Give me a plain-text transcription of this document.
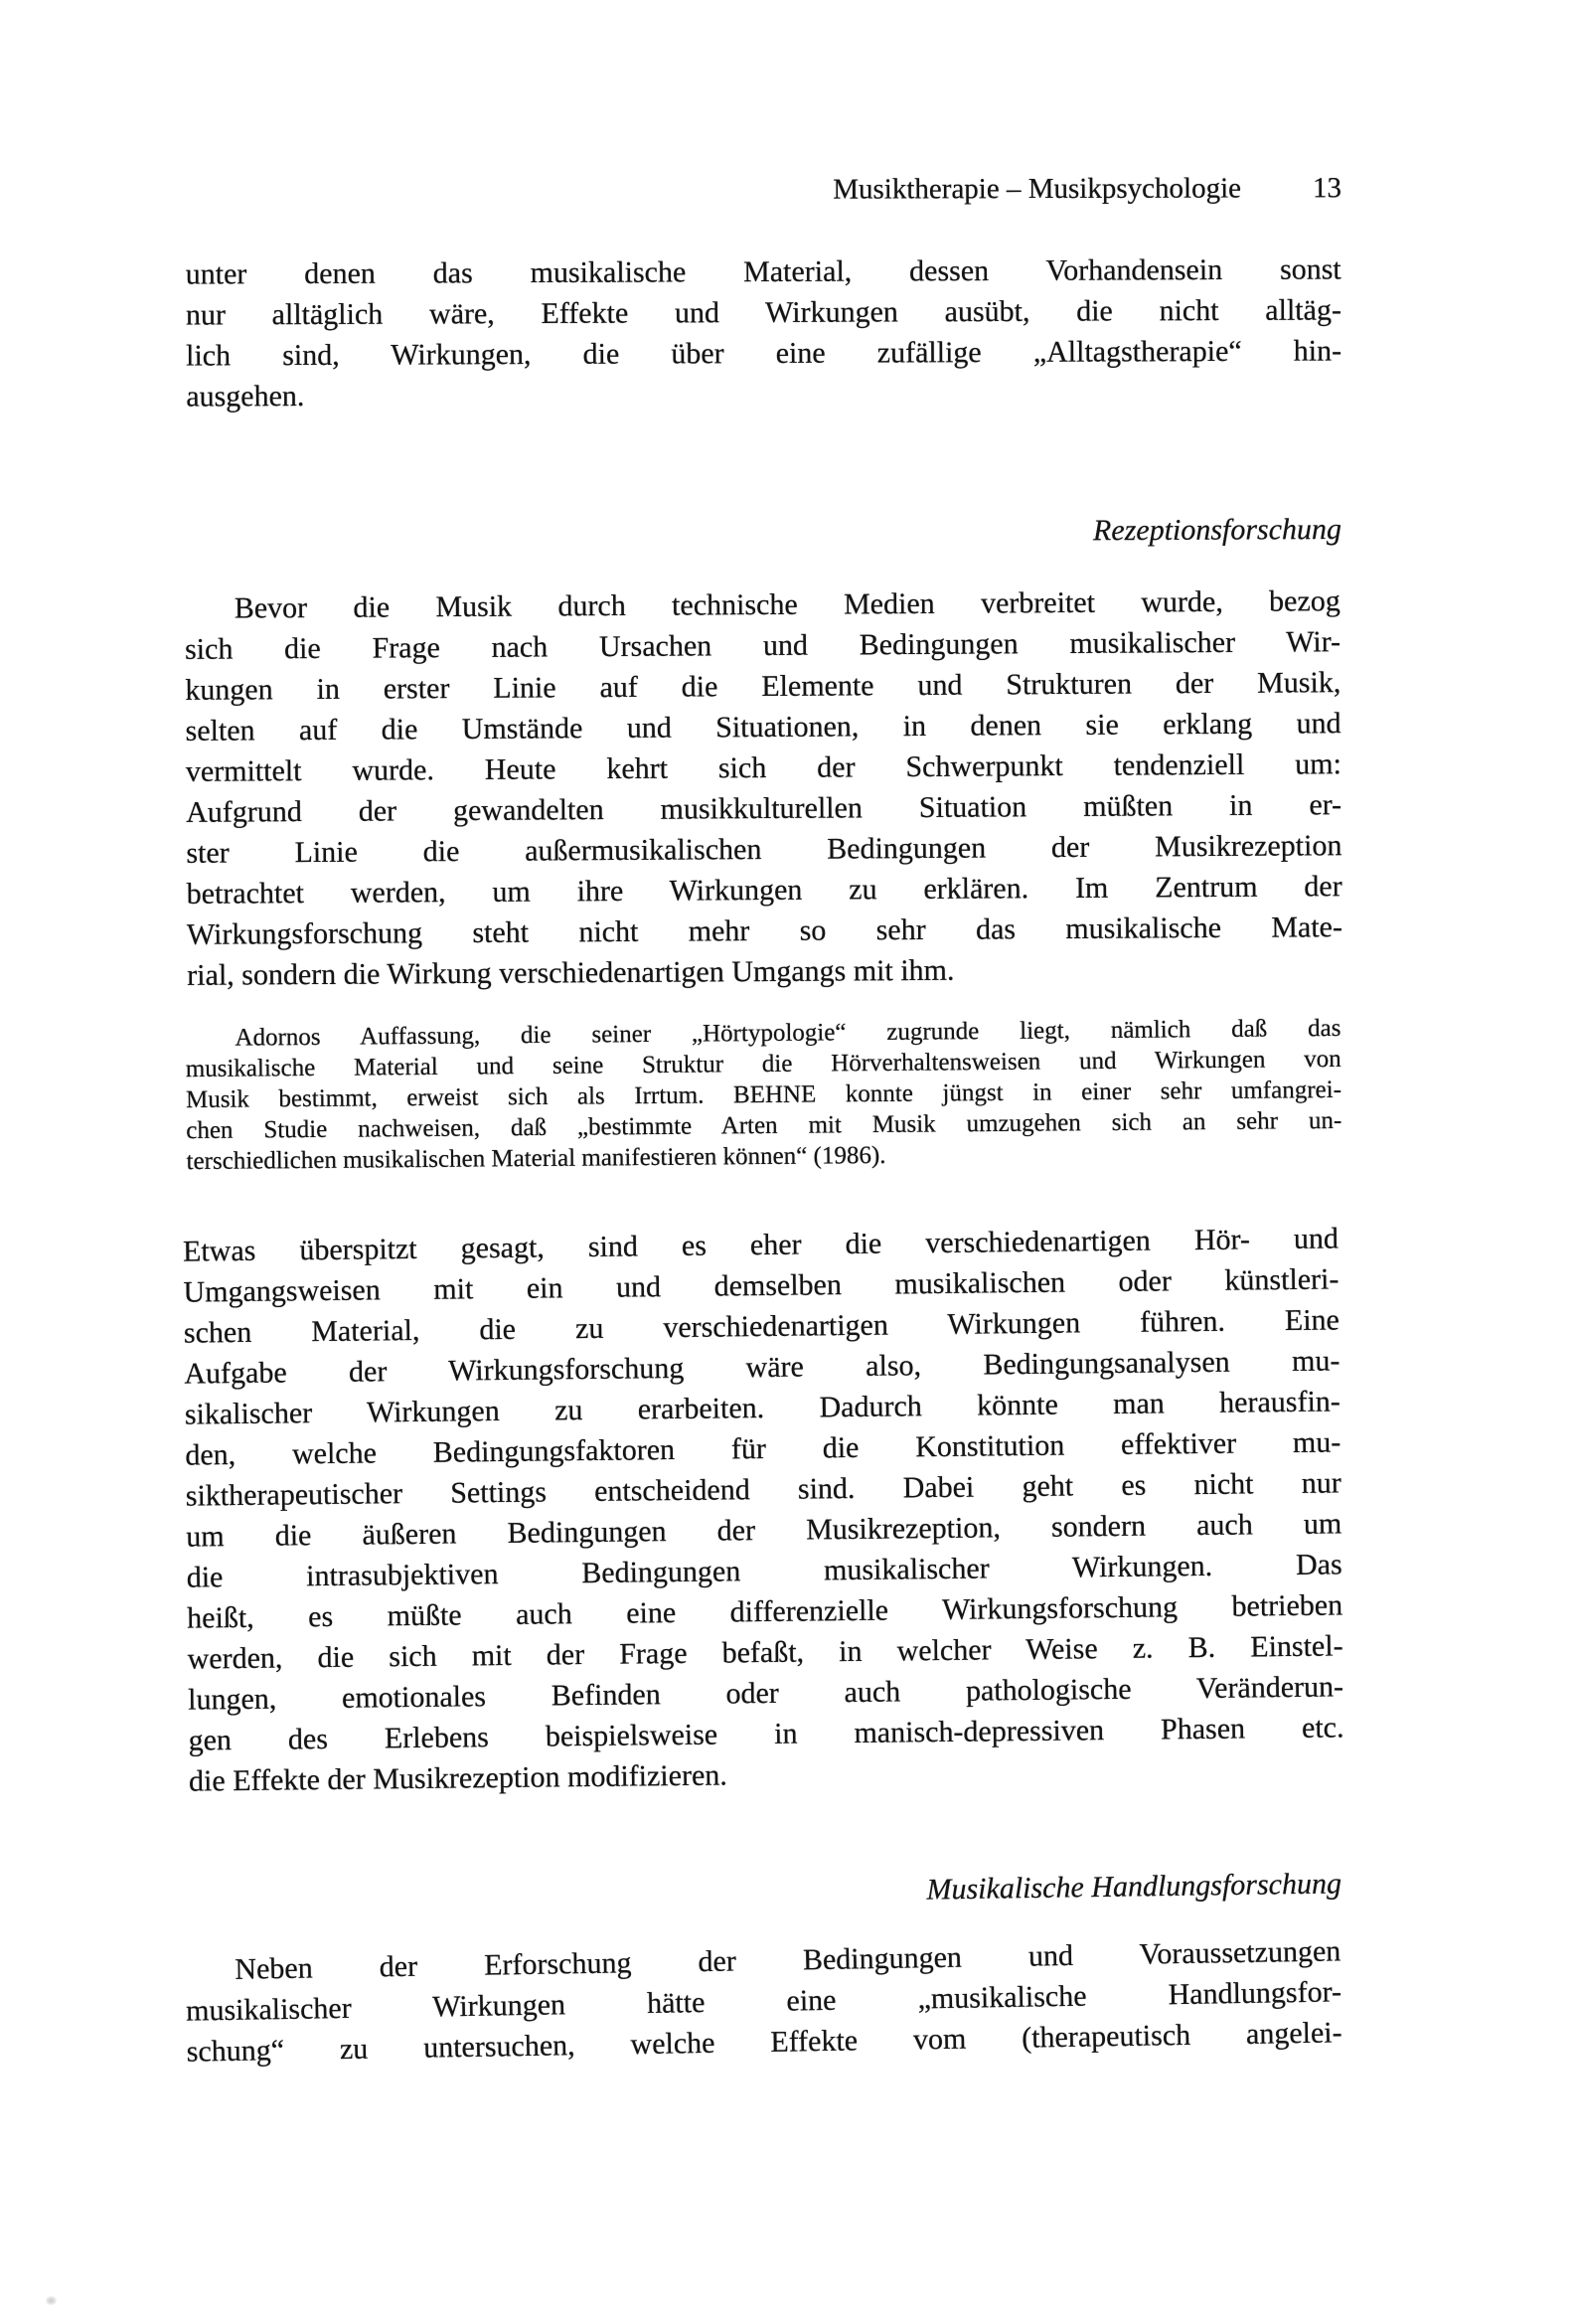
Musiktherapie – Musikpsychologie 13
unter denen das musikalische Material, dessen Vorhandensein sonst
nur alltäglich wäre, Effekte und Wirkungen ausübt, die nicht alltäg-
lich sind, Wirkungen, die über eine zufällige „Alltagstherapie“ hin-
ausgehen.
Rezeptionsforschung
Bevor die Musik durch technische Medien verbreitet wurde, bezog
sich die Frage nach Ursachen und Bedingungen musikalischer Wir-
kungen in erster Linie auf die Elemente und Strukturen der Musik,
selten auf die Umstände und Situationen, in denen sie erklang und
vermittelt wurde. Heute kehrt sich der Schwerpunkt tendenziell um:
Aufgrund der gewandelten musikkulturellen Situation müßten in er-
ster Linie die außermusikalischen Bedingungen der Musikrezeption
betrachtet werden, um ihre Wirkungen zu erklären. Im Zentrum der
Wirkungsforschung steht nicht mehr so sehr das musikalische Mate-
rial, sondern die Wirkung verschiedenartigen Umgangs mit ihm.
Adornos Auffassung, die seiner „Hörtypologie“ zugrunde liegt, nämlich daß das
musikalische Material und seine Struktur die Hörverhaltensweisen und Wirkungen von
Musik bestimmt, erweist sich als Irrtum. BEHNE konnte jüngst in einer sehr umfangrei-
chen Studie nachweisen, daß „bestimmte Arten mit Musik umzugehen sich an sehr un-
terschiedlichen musikalischen Material manifestieren können“ (1986).
Etwas überspitzt gesagt, sind es eher die verschiedenartigen Hör- und
Umgangsweisen mit ein und demselben musikalischen oder künstleri-
schen Material, die zu verschiedenartigen Wirkungen führen. Eine
Aufgabe der Wirkungsforschung wäre also, Bedingungsanalysen mu-
sikalischer Wirkungen zu erarbeiten. Dadurch könnte man herausfin-
den, welche Bedingungsfaktoren für die Konstitution effektiver mu-
siktherapeutischer Settings entscheidend sind. Dabei geht es nicht nur
um die äußeren Bedingungen der Musikrezeption, sondern auch um
die intrasubjektiven Bedingungen musikalischer Wirkungen. Das
heißt, es müßte auch eine differenzielle Wirkungsforschung betrieben
werden, die sich mit der Frage befaßt, in welcher Weise z. B. Einstel-
lungen, emotionales Befinden oder auch pathologische Veränderun-
gen des Erlebens beispielsweise in manisch-depressiven Phasen etc.
die Effekte der Musikrezeption modifizieren.
Musikalische Handlungsforschung
Neben der Erforschung der Bedingungen und Voraussetzungen
musikalischer Wirkungen hätte eine „musikalische Handlungsfor-
schung“ zu untersuchen, welche Effekte vom (therapeutisch angelei-
